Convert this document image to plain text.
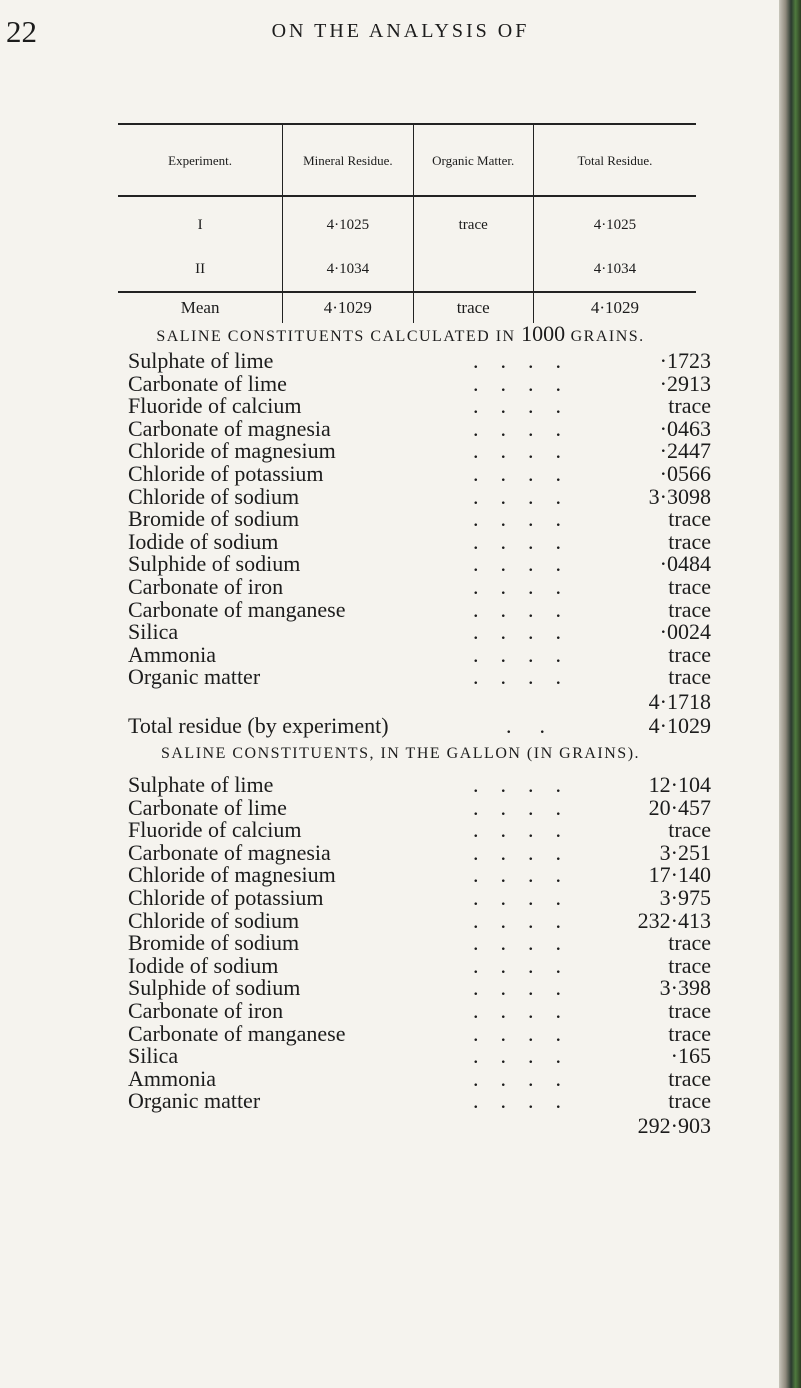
22	ON THE ANALYSIS OF
Experiment.	Mineral Residue.	Organic Matter.	Total Residue.
I	4·1025	trace	4·1025
II	4·1034		4·1034
Mean	4·1029	trace	4·1029
SALINE CONSTITUENTS CALCULATED IN 1000 GRAINS.
Sulphate of lime	....	·1723
Carbonate of lime	....	·2913
Fluoride of calcium	....	trace
Carbonate of magnesia	....	·0463
Chloride of magnesium	....	·2447
Chloride of potassium	....	·0566
Chloride of sodium	....	3·3098
Bromide of sodium	....	trace
Iodide of sodium	....	trace
Sulphide of sodium	....	·0484
Carbonate of iron	....	trace
Carbonate of manganese	....	trace
Silica	....	·0024
Ammonia	....	trace
Organic matter	....	trace
4·1718
Total residue (by experiment)	..	4·1029
SALINE CONSTITUENTS, IN THE GALLON (IN GRAINS).
Sulphate of lime	....	12·104
Carbonate of lime	....	20·457
Fluoride of calcium	....	trace
Carbonate of magnesia	....	3·251
Chloride of magnesium	....	17·140
Chloride of potassium	....	3·975
Chloride of sodium	....	232·413
Bromide of sodium	....	trace
Iodide of sodium	....	trace
Sulphide of sodium	....	3·398
Carbonate of iron	....	trace
Carbonate of manganese	....	trace
Silica	....	·165
Ammonia	....	trace
Organic matter	....	trace
292·903
